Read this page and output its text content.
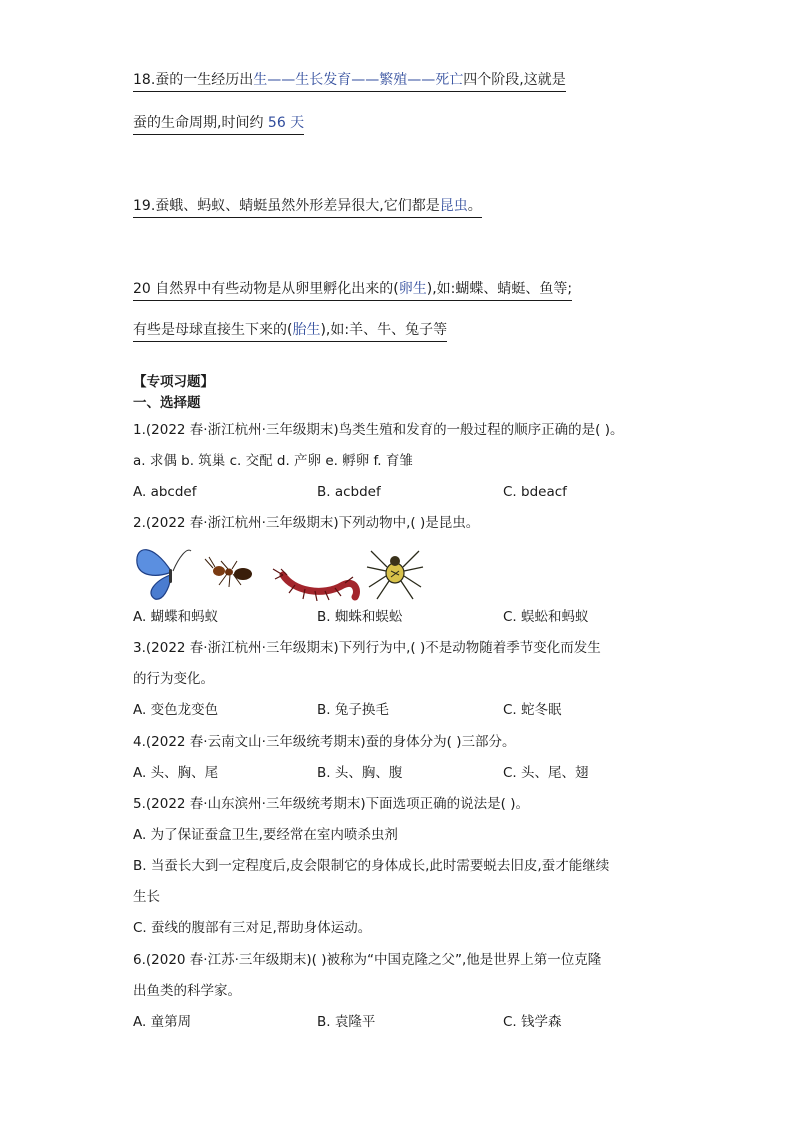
18.蚕的一生经历出生——生长发育——繁殖——死亡四个阶段,这就是
蚕的生命周期,时间约 56 天
19.蚕蛾、蚂蚁、蜻蜓虽然外形差异很大,它们都是昆虫。
20 自然界中有些动物是从卵里孵化出来的(卵生),如:蝴蝶、蜻蜓、鱼等;
有些是母球直接生下来的(胎生),如:羊、牛、兔子等
【专项习题】
一、选择题
1.(2022 春·浙江杭州·三年级期末)鸟类生殖和发育的一般过程的顺序正确的是( )。
a. 求偶 b. 筑巢 c. 交配 d. 产卵 e. 孵卵 f. 育雏
A. abcdef	B. acbdef	C. bdeacf
2.(2022 春·浙江杭州·三年级期末)下列动物中,( )是昆虫。
A. 蝴蝶和蚂蚁	B. 蜘蛛和蜈蚣	C. 蜈蚣和蚂蚁
3.(2022 春·浙江杭州·三年级期末)下列行为中,( )不是动物随着季节变化而发生
的行为变化。
A. 变色龙变色	B. 兔子换毛	C. 蛇冬眠
4.(2022 春·云南文山·三年级统考期末)蚕的身体分为( )三部分。
A. 头、胸、尾	B. 头、胸、腹	C. 头、尾、翅
5.(2022 春·山东滨州·三年级统考期末)下面选项正确的说法是( )。
A. 为了保证蚕盒卫生,要经常在室内喷杀虫剂
B. 当蚕长大到一定程度后,皮会限制它的身体成长,此时需要蜕去旧皮,蚕才能继续
生长
C. 蚕线的腹部有三对足,帮助身体运动。
6.(2020 春·江苏·三年级期末)( )被称为“中国克隆之父”,他是世界上第一位克隆
出鱼类的科学家。
A. 童第周	B. 袁隆平	C. 钱学森
